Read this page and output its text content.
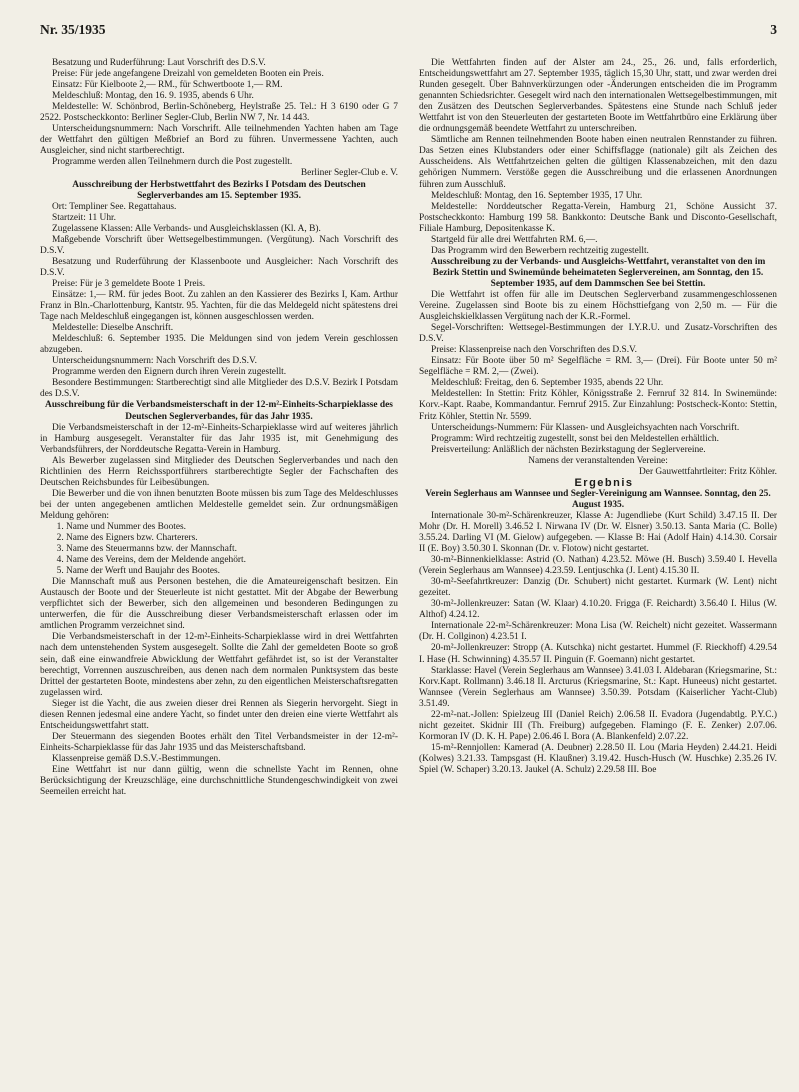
Nr. 35/1935	3

Besatzung und Ruderführung: Laut Vorschrift des D.S.V.

Preise: Für jede angefangene Dreizahl von gemeldeten Booten ein Preis.

Einsatz: Für Kielboote 2,— RM., für Schwertboote 1,— RM.

Meldeschluß: Montag, den 16. 9. 1935, abends 6 Uhr.

Meldestelle: W. Schönbrod, Berlin-Schöneberg, Heylstraße 25. Tel.: H 3 6190 oder G 7 2522. Postscheckkonto: Berliner Segler-Club, Berlin NW 7, Nr. 14 443.

Unterscheidungsnummern: Nach Vorschrift. Alle teilnehmenden Yachten haben am Tage der Wettfahrt den gültigen Meßbrief an Bord zu führen. Unvermessene Yachten, auch Ausgleicher, sind nicht startberechtigt.

Programme werden allen Teilnehmern durch die Post zugestellt.

Berliner Segler-Club e. V.

Ausschreibung der Herbstwettfahrt des Bezirks I Potsdam des Deutschen Seglerverbandes am 15. September 1935.

Ort: Templiner See. Regattahaus.

Startzeit: 11 Uhr.

Zugelassene Klassen: Alle Verbands- und Ausgleichsklassen (Kl. A, B).

Maßgebende Vorschrift über Wettsegelbestimmungen. (Vergütung). Nach Vorschrift des D.S.V.

Besatzung und Ruderführung der Klassenboote und Ausgleicher: Nach Vorschrift des D.S.V.

Preise: Für je 3 gemeldete Boote 1 Preis.

Einsätze: 1,— RM. für jedes Boot. Zu zahlen an den Kassierer des Bezirks I, Kam. Arthur Franz in Bln.-Charlottenburg, Kantstr. 95. Yachten, für die das Meldegeld nicht spätestens drei Tage nach Meldeschluß eingegangen ist, können ausgeschlossen werden.

Meldestelle: Dieselbe Anschrift.

Meldeschluß: 6. September 1935. Die Meldungen sind von jedem Verein geschlossen abzugeben.

Unterscheidungsnummern: Nach Vorschrift des D.S.V.

Programme werden den Eignern durch ihren Verein zugestellt.

Besondere Bestimmungen: Startberechtigt sind alle Mitglieder des D.S.V. Bezirk I Potsdam des D.S.V.

Ausschreibung für die Verbandsmeisterschaft in der 12-m²-Einheits-Scharpieklasse des Deutschen Seglerverbandes, für das Jahr 1935.

Die Verbandsmeisterschaft in der 12-m²-Einheits-Scharpieklasse wird auf weiteres jährlich in Hamburg ausgesegelt. Veranstalter für das Jahr 1935 ist, mit Genehmigung des Verbandsführers, der Norddeutsche Regatta-Verein in Hamburg.

Als Bewerber zugelassen sind Mitglieder des Deutschen Seglerverbandes und nach den Richtlinien des Herrn Reichssportführers startberechtigte Segler der Fachschaften des Deutschen Reichsbundes für Leibesübungen.

Die Bewerber und die von ihnen benutzten Boote müssen bis zum Tage des Meldeschlusses bei der unten angegebenen amtlichen Meldestelle gemeldet sein. Zur ordnungsmäßigen Meldung gehören:

1. Name und Nummer des Bootes.
2. Name des Eigners bzw. Charterers.
3. Name des Steuermanns bzw. der Mannschaft.
4. Name des Vereins, dem der Meldende angehört.
5. Name der Werft und Baujahr des Bootes.

Die Mannschaft muß aus Personen bestehen, die die Amateureigenschaft besitzen. Ein Austausch der Boote und der Steuerleute ist nicht gestattet. Mit der Abgabe der Bewerbung verpflichtet sich der Bewerber, sich den allgemeinen und besonderen Bedingungen zu unterwerfen, die für die Ausschreibung dieser Verbandsmeisterschaft erlassen oder im amtlichen Programm verzeichnet sind.

Die Verbandsmeisterschaft in der 12-m²-Einheits-Scharpieklasse wird in drei Wettfahrten nach dem untenstehenden System ausgesegelt. Sollte die Zahl der gemeldeten Boote so groß sein, daß eine einwandfreie Abwicklung der Wettfahrt gefährdet ist, so ist der Veranstalter berechtigt, Vorrennen auszuschreiben, aus denen nach dem normalen Punktsystem das beste Drittel der gestarteten Boote, mindestens aber zehn, zu den eigentlichen Meisterschaftsregatten zugelassen wird.

Sieger ist die Yacht, die aus zweien dieser drei Rennen als Siegerin hervorgeht. Siegt in diesen Rennen jedesmal eine andere Yacht, so findet unter den dreien eine vierte Wettfahrt als Entscheidungswettfahrt statt.

Der Steuermann des siegenden Bootes erhält den Titel Verbandsmeister in der 12-m²-Einheits-Scharpieklasse für das Jahr 1935 und das Meisterschaftsband.

Klassenpreise gemäß D.S.V.-Bestimmungen.

Eine Wettfahrt ist nur dann gültig, wenn die schnellste Yacht im Rennen, ohne Berücksichtigung der Kreuzschläge, eine durchschnittliche Stundengeschwindigkeit von zwei Seemeilen erreicht hat.

Die Wettfahrten finden auf der Alster am 24., 25., 26. und, falls erforderlich, Entscheidungswettfahrt am 27. September 1935, täglich 15,30 Uhr, statt, und zwar werden drei Runden gesegelt. Über Bahnverkürzungen oder -Änderungen entscheiden die im Programm genannten Schiedsrichter. Gesegelt wird nach den internationalen Wettsegelbestimmungen, mit den Zusätzen des Deutschen Seglerverbandes. Spätestens eine Stunde nach Schluß jeder Wettfahrt ist von den Steuerleuten der gestarteten Boote im Wettfahrtbüro eine Erklärung über die ordnungsgemäß beendete Wettfahrt zu unterschreiben.

Sämtliche am Rennen teilnehmenden Boote haben einen neutralen Rennstander zu führen. Das Setzen eines Klubstanders oder einer Schiffsflagge (nationale) gilt als Zeichen des Ausscheidens. Als Wettfahrtzeichen gelten die gültigen Klassenabzeichen, mit den dazu gehörigen Nummern. Verstöße gegen die Ausschreibung und die erlassenen Anordnungen führen zum Ausschluß.

Meldeschluß: Montag, den 16. September 1935, 17 Uhr.

Meldestelle: Norddeutscher Regatta-Verein, Hamburg 21, Schöne Aussicht 37. Postscheckkonto: Hamburg 199 58. Bankkonto: Deutsche Bank und Disconto-Gesellschaft, Filiale Hamburg, Depositenkasse K.

Startgeld für alle drei Wettfahrten RM. 6,—.

Das Programm wird den Bewerbern rechtzeitig zugestellt.

Ausschreibung zu der Verbands- und Ausgleichs-Wettfahrt, veranstaltet von den im Bezirk Stettin und Swinemünde beheimateten Seglervereinen, am Sonntag, den 15. September 1935, auf dem Dammschen See bei Stettin.

Die Wettfahrt ist offen für alle im Deutschen Seglerverband zusammengeschlossenen Vereine. Zugelassen sind Boote bis zu einem Höchsttiefgang von 2,50 m. — Für die Ausgleichskielklassen Vergütung nach der K.R.-Formel.

Segel-Vorschriften: Wettsegel-Bestimmungen der I.Y.R.U. und Zusatz-Vorschriften des D.S.V.

Preise: Klassenpreise nach den Vorschriften des D.S.V.

Einsatz: Für Boote über 50 m² Segelfläche = RM. 3,— (Drei). Für Boote unter 50 m² Segelfläche = RM. 2,— (Zwei).

Meldeschluß: Freitag, den 6. September 1935, abends 22 Uhr.

Meldestellen: In Stettin: Fritz Köhler, Königsstraße 2. Fernruf 32 814. In Swinemünde: Korv.-Kapt. Raabe, Kommandantur. Fernruf 2915. Zur Einzahlung: Postscheck-Konto: Stettin, Fritz Köhler, Stettin Nr. 5599.

Unterscheidungs-Nummern: Für Klassen- und Ausgleichsyachten nach Vorschrift.

Programm: Wird rechtzeitig zugestellt, sonst bei den Meldestellen erhältlich.

Preisverteilung: Anläßlich der nächsten Bezirkstagung der Seglervereine.

Namens der veranstaltenden Vereine:

Der Gauwettfahrtleiter: Fritz Köhler.

Ergebnis

Verein Seglerhaus am Wannsee und Segler-Vereinigung am Wannsee. Sonntag, den 25. August 1935.

Internationale 30-m²-Schärenkreuzer, Klasse A: Jugendliebe (Kurt Schild) 3.47.15 II. Der Mohr (Dr. H. Morell) 3.46.52 I. Nirwana IV (Dr. W. Elsner) 3.50.13. Santa Maria (C. Bolle) 3.55.24. Darling VI (M. Gielow) aufgegeben. — Klasse B: Hai (Adolf Hain) 4.14.30. Corsair II (E. Boy) 3.50.30 I. Skonnan (Dr. v. Flotow) nicht gestartet.

30-m²-Binnenkielklasse: Astrid (O. Nathan) 4.23.52. Möwe (H. Busch) 3.59.40 I. Hevella (Verein Seglerhaus am Wannsee) 4.23.59. Lentjuschka (J. Lent) 4.15.30 II.

30-m²-Seefahrtkreuzer: Danzig (Dr. Schubert) nicht gestartet. Kurmark (W. Lent) nicht gezeitet.

30-m²-Jollenkreuzer: Satan (W. Klaar) 4.10.20. Frigga (F. Reichardt) 3.56.40 I. Hilus (W. Althof) 4.24.12.

Internationale 22-m²-Schärenkreuzer: Mona Lisa (W. Reichelt) nicht gezeitet. Wassermann (Dr. H. Collginon) 4.23.51 I.

20-m²-Jollenkreuzer: Stropp (A. Kutschka) nicht gestartet. Hummel (F. Rieckhoff) 4.29.54 I. Hase (H. Schwinning) 4.35.57 II. Pinguin (F. Goemann) nicht gestartet.

Starklasse: Havel (Verein Seglerhaus am Wannsee) 3.41.03 I. Aldebaran (Kriegsmarine, St.: Korv.Kapt. Rollmann) 3.46.18 II. Arcturus (Kriegsmarine, St.: Kapt. Huneeus) nicht gestartet. Wannsee (Verein Seglerhaus am Wannsee) 3.50.39. Potsdam (Kaiserlicher Yacht-Club) 3.51.49.

22-m²-nat.-Jollen: Spielzeug III (Daniel Reich) 2.06.58 II. Evadora (Jugendabtlg. P.Y.C.) nicht gezeitet. Skidnir III (Th. Freiburg) aufgegeben. Flamingo (F. E. Zenker) 2.07.06. Kormoran IV (D. K. H. Pape) 2.06.46 I. Bora (A. Blankenfeld) 2.07.22.

15-m²-Rennjollen: Kamerad (A. Deubner) 2.28.50 II. Lou (Maria Heyden) 2.44.21. Heidi (Kolwes) 3.21.33. Tampsgast (H. Klaußner) 3.19.42. Husch-Husch (W. Huschke) 2.35.26 IV. Spiel (W. Schaper) 3.20.13. Jaukel (A. Schulz) 2.29.58 III. Boe
